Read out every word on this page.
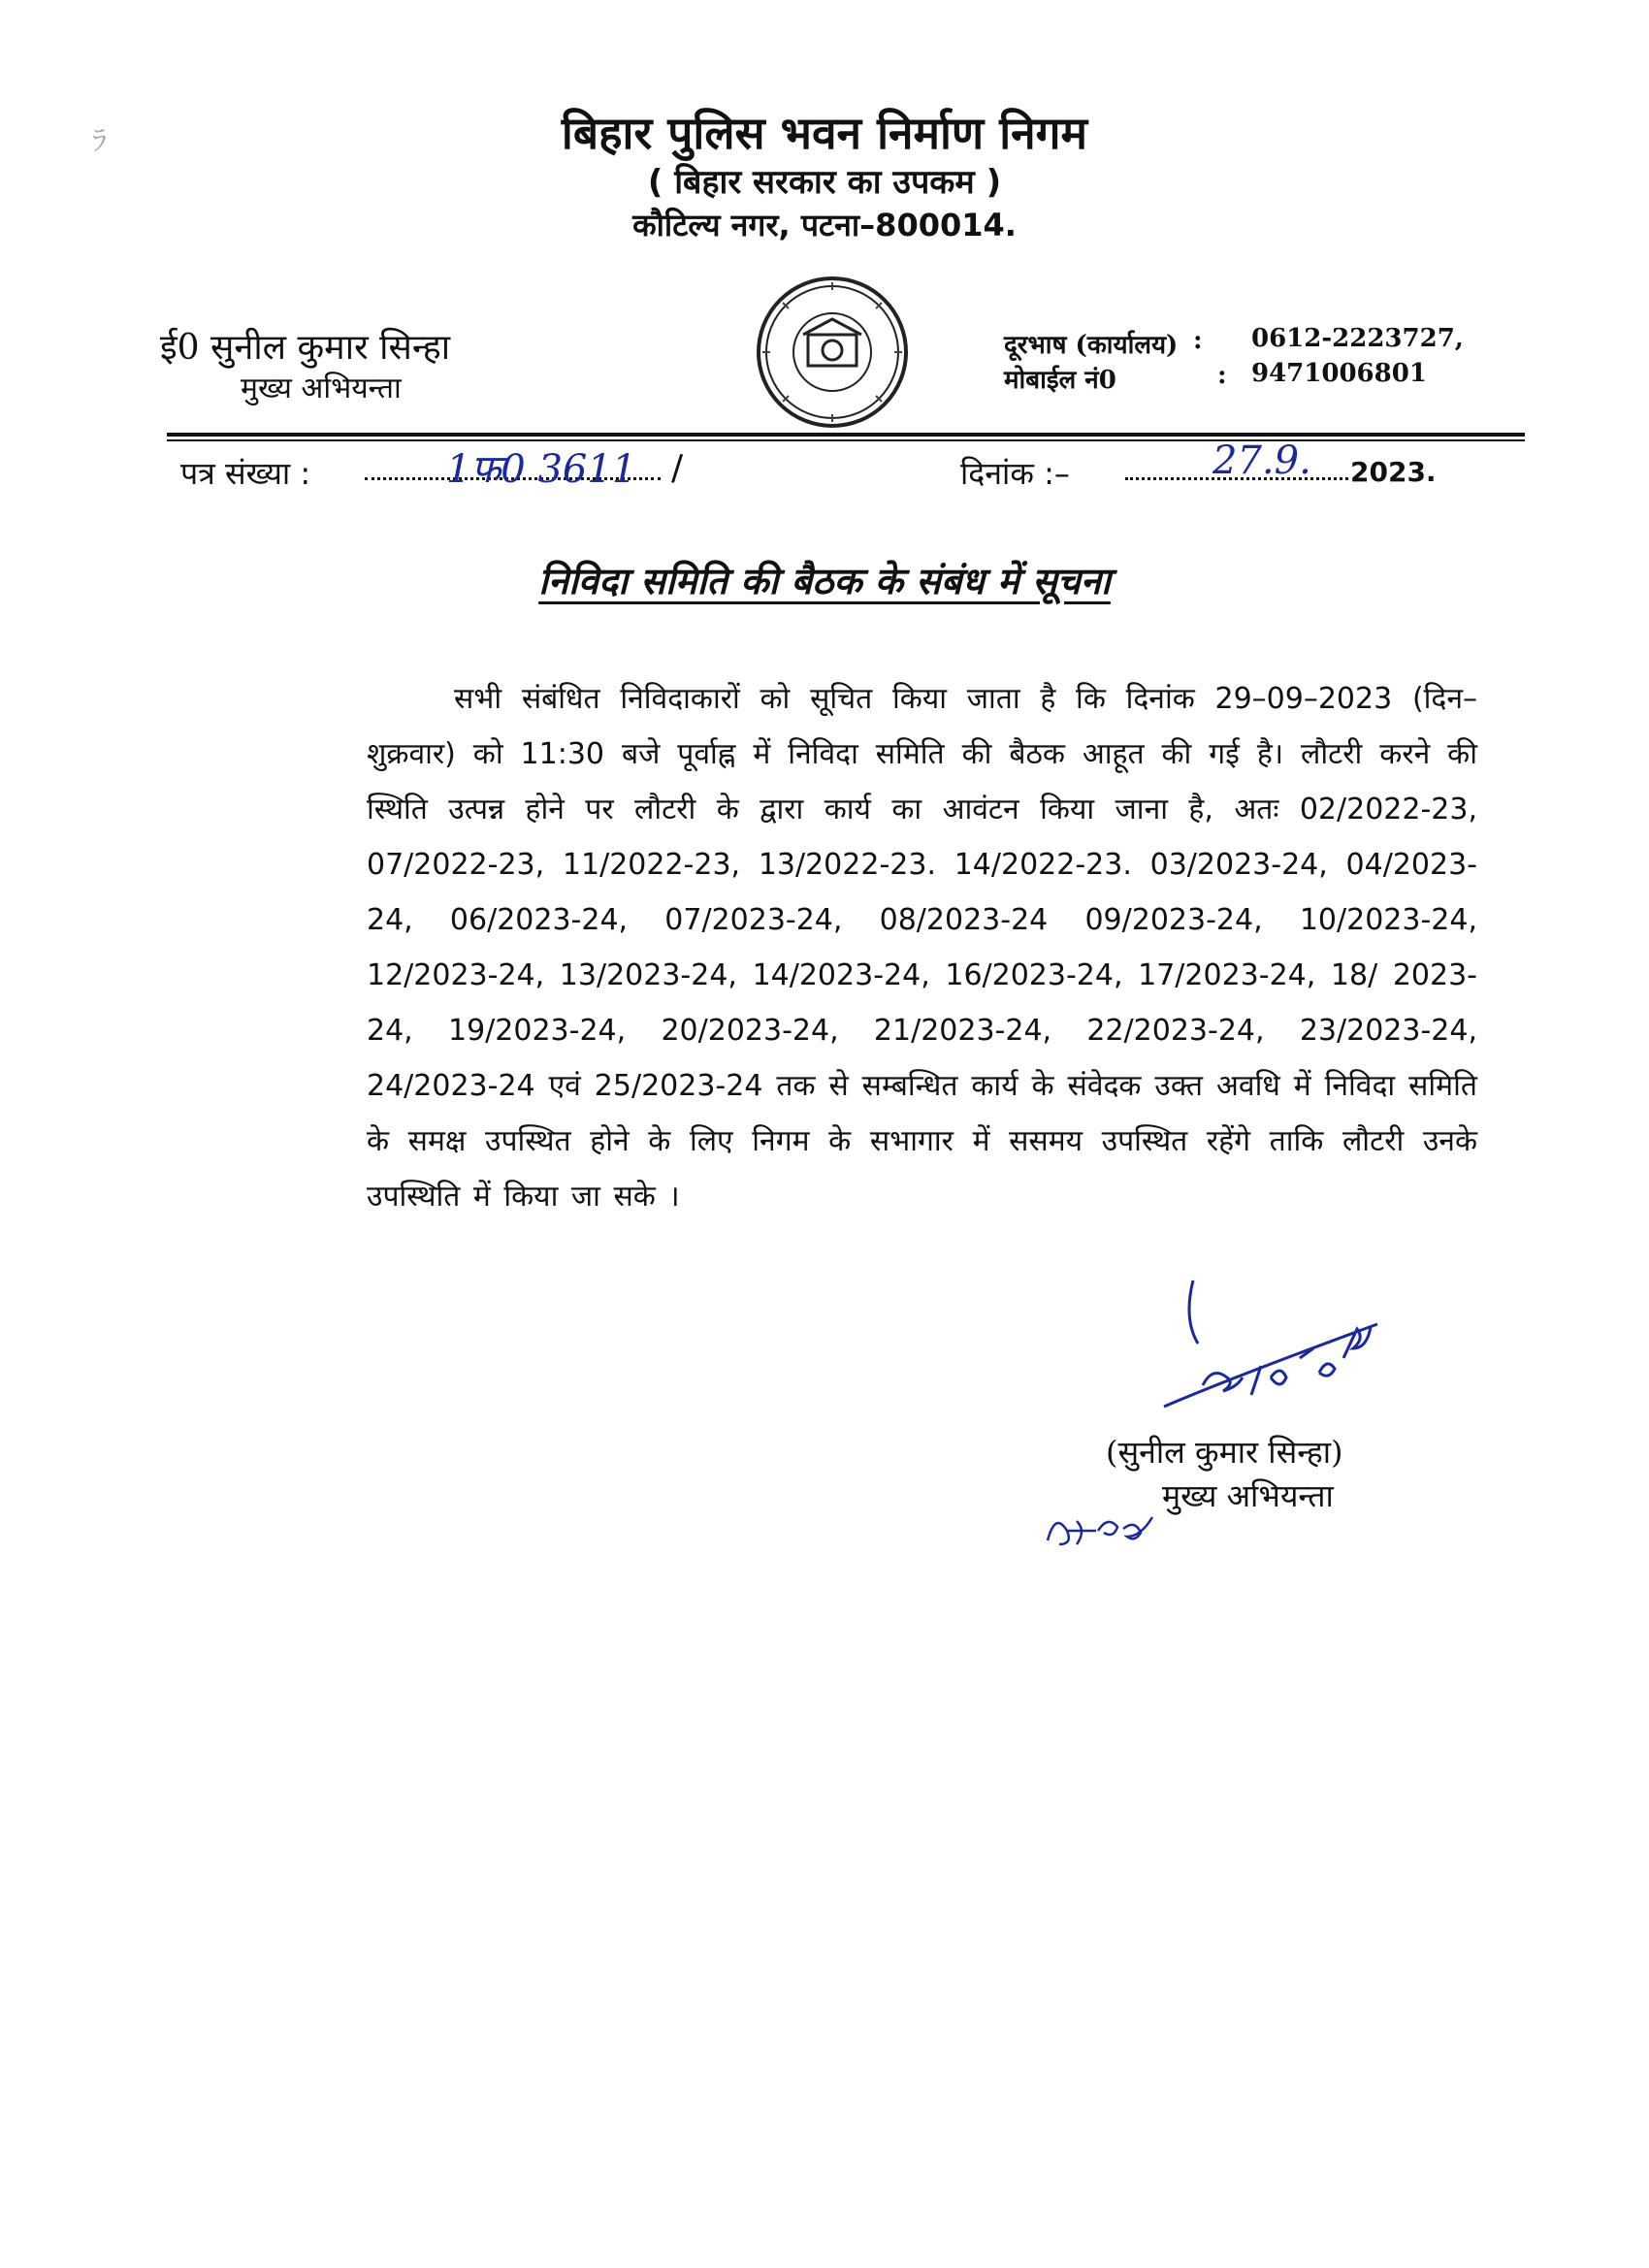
ﾗ	बिहार पुलिस भवन निर्माण निगम
( बिहार सरकार का उपकम )
कौटिल्य नगर, पटना–800014.
ई0 सुनील कुमार सिन्हा
मुख्य अभियन्ता
दूरभाष (कार्यालय) : 0612-2223727,
मोबाईल नं0	: 9471006801
पत्र संख्या :	1फ0 3611 /	दिनांक :–	27.9. 2023.
निविदा समिति की बैठक के संबंध में सूचना
सभी संबंधित निविदाकारों को सूचित किया जाता है कि दिनांक 29–09–2023 (दिन– शुक्रवार) को 11:30 बजे पूर्वाह्न में निविदा समिति की बैठक आहूत की गई है। लौटरी करने की स्थिति उत्पन्न होने पर लौटरी के द्वारा कार्य का आवंटन किया जाना है, अतः 02/2022-23, 07/2022-23, 11/2022-23, 13/2022-23. 14/2022-23. 03/2023-24, 04/2023-24, 06/2023-24, 07/2023-24, 08/2023-24 09/2023-24, 10/2023-24, 12/2023-24, 13/2023-24, 14/2023-24, 16/2023-24, 17/2023-24, 18/ 2023-24, 19/2023-24, 20/2023-24, 21/2023-24, 22/2023-24, 23/2023-24, 24/2023-24 एवं 25/2023-24 तक से सम्बन्धित कार्य के संवेदक उक्त अवधि में निविदा समिति के समक्ष उपस्थित होने के लिए निगम के सभागार में ससमय उपस्थित रहेंगे ताकि लौटरी उनके उपस्थिति में किया जा सके ।
(सुनील कुमार सिन्हा)
मुख्य अभियन्ता
